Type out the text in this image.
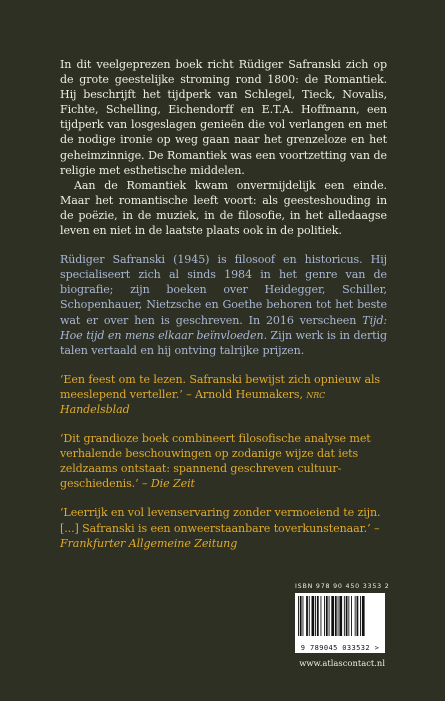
In dit veelgeprezen boek richt Rüdiger Safranski zich op de grote geestelijke stroming rond 1800: de Romantiek. Hij beschrijft het tijdperk van Schlegel, Tieck, Novalis, Fichte, Schelling, Eichendorff en E.T.A. Hoffmann, een tijdperk van losgeslagen genieën die vol verlangen en met de nodige ironie op weg gaan naar het grenzeloze en het geheimzinnige. De Romantiek was een voortzetting van de religie met esthetische middelen.

Aan de Romantiek kwam onvermijdelijk een einde. Maar het romantische leeft voort: als geesteshouding in de poëzie, in de muziek, in de filosofie, in het alledaagse leven en niet in de laatste plaats ook in de politiek.

Rüdiger Safranski (1945) is filosoof en historicus. Hij specialiseert zich al sinds 1984 in het genre van de biografie; zijn boeken over Heidegger, Schiller, Schopenhauer, Nietzsche en Goethe behoren tot het beste wat er over hen is geschreven. In 2016 verscheen Tijd: Hoe tijd en mens elkaar beïnvloeden. Zijn werk is in dertig talen vertaald en hij ontving talrijke prijzen.

‘Een feest om te lezen. Safranski bewijst zich opnieuw als meeslepend verteller.’ – Arnold Heumakers, nrc Handelsblad

‘Dit grandioze boek combineert filosofische analyse met verhalende beschouwingen op zodanige wijze dat iets zeldzaams ontstaat: spannend geschreven cultuur-geschiedenis.’ – Die Zeit

‘Leerrijk en vol levenservaring zonder vermoeiend te zijn. [...] Safranski is een onweerstaanbare toverkunstenaar.’ – Frankfurter Allgemeine Zeitung

ISBN 978 90 450 3353 2
9 789045 033532 >
www.atlascontact.nl
